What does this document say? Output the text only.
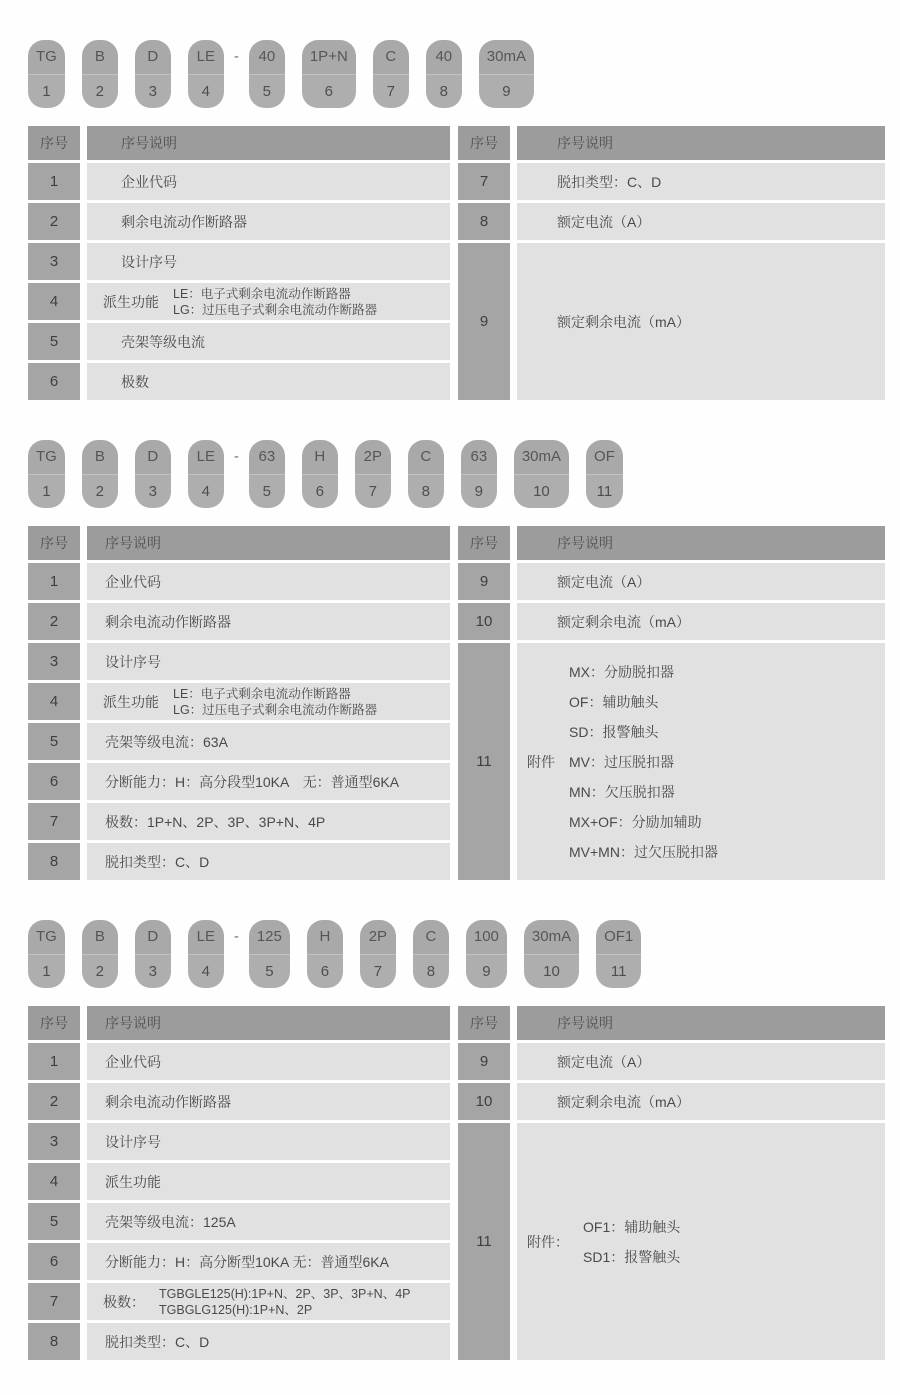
TG
1
B
2
D
3
LE
4
-	40
5
1P+N
6
C
7
40
8
30mA
9
序号	序号说明
1	企业代码
2	剩余电流动作断路器
3	设计序号
4	派生功能 LE：电子式剩余电流动作断路器
LG：过压电子式剩余电流动作断路器
5	壳架等级电流
6	极数
序号	序号说明
7	脱扣类型：C、D
8	额定电流（A）
9	额定剩余电流（mA）
TG
1
B
2
D
3
LE
4
-	63
5
H
6
2P
7
C
8
63
9
30mA
10
OF
11
序号	序号说明
1	企业代码
2	剩余电流动作断路器
3	设计序号
4	派生功能 LE：电子式剩余电流动作断路器
LG：过压电子式剩余电流动作断路器
5	壳架等级电流：63A
6	分断能力：H：高分段型10KA　无：普通型6KA
7	极数：1P+N、2P、3P、3P+N、4P
8	脱扣类型：C、D
序号	序号说明
9	额定电流（A）
10	额定剩余电流（mA）
11	附件
MX：分励脱扣器
OF：辅助触头
SD：报警触头
MV：过压脱扣器
MN：欠压脱扣器
MX+OF：分励加辅助
MV+MN：过欠压脱扣器
TG
1
B
2
D
3
LE
4
-	125
5
H
6
2P
7
C
8
100
9
30mA
10
OF1
11
序号	序号说明
1	企业代码
2	剩余电流动作断路器
3	设计序号
4	派生功能
5	壳架等级电流：125A
6	分断能力：H：高分断型10KA 无：普通型6KA
7	极数： TGBGLE125(H):1P+N、2P、3P、3P+N、4P
TGBGLG125(H):1P+N、2P
8	脱扣类型：C、D
序号	序号说明
9	额定电流（A）
10	额定剩余电流（mA）
11	附件：
OF1：辅助触头
SD1：报警触头
